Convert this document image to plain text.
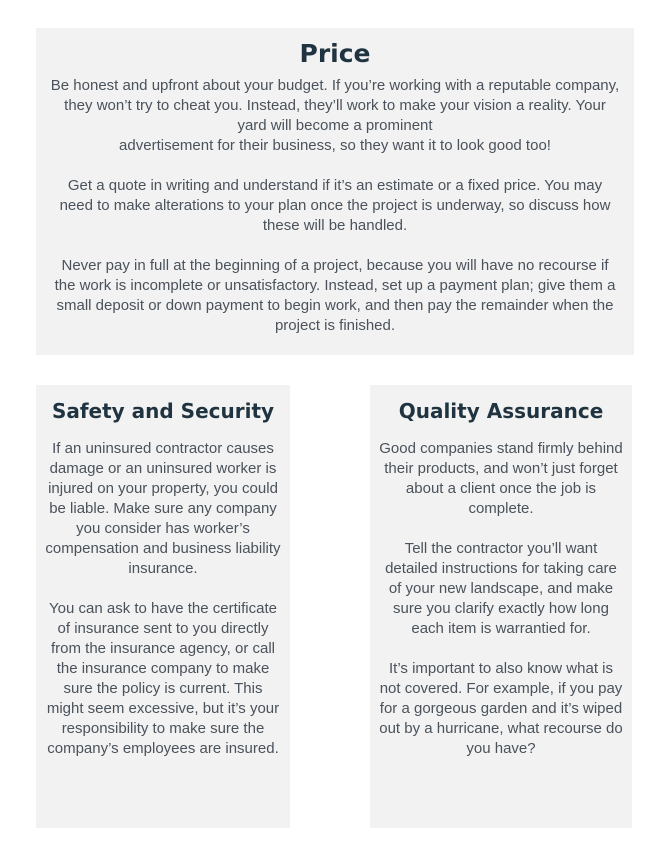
Price

Be honest and upfront about your budget. If you’re working with a reputable company, they won’t try to cheat you. Instead, they’ll work to make your vision a reality. Your yard will become a prominent
advertisement for their business, so they want it to look good too!

Get a quote in writing and understand if it’s an estimate or a fixed price. You may need to make alterations to your plan once the project is underway, so discuss how these will be handled.

Never pay in full at the beginning of a project, because you will have no recourse if the work is incomplete or unsatisfactory. Instead, set up a payment plan; give them a small deposit or down payment to begin work, and then pay the remainder when the project is finished.

Safety and Security

If an uninsured contractor causes damage or an uninsured worker is injured on your property, you could be liable. Make sure any company you consider has worker’s compensation and business liability insurance.

You can ask to have the certificate of insurance sent to you directly from the insurance agency, or call the insurance company to make sure the policy is current. This might seem excessive, but it’s your responsibility to make sure the company’s employees are insured.

Quality Assurance

Good companies stand firmly behind their products, and won’t just forget about a client once the job is complete.

Tell the contractor you’ll want detailed instructions for taking care of your new landscape, and make sure you clarify exactly how long each item is warrantied for.

It’s important to also know what is not covered. For example, if you pay for a gorgeous garden and it’s wiped out by a hurricane, what recourse do you have?
